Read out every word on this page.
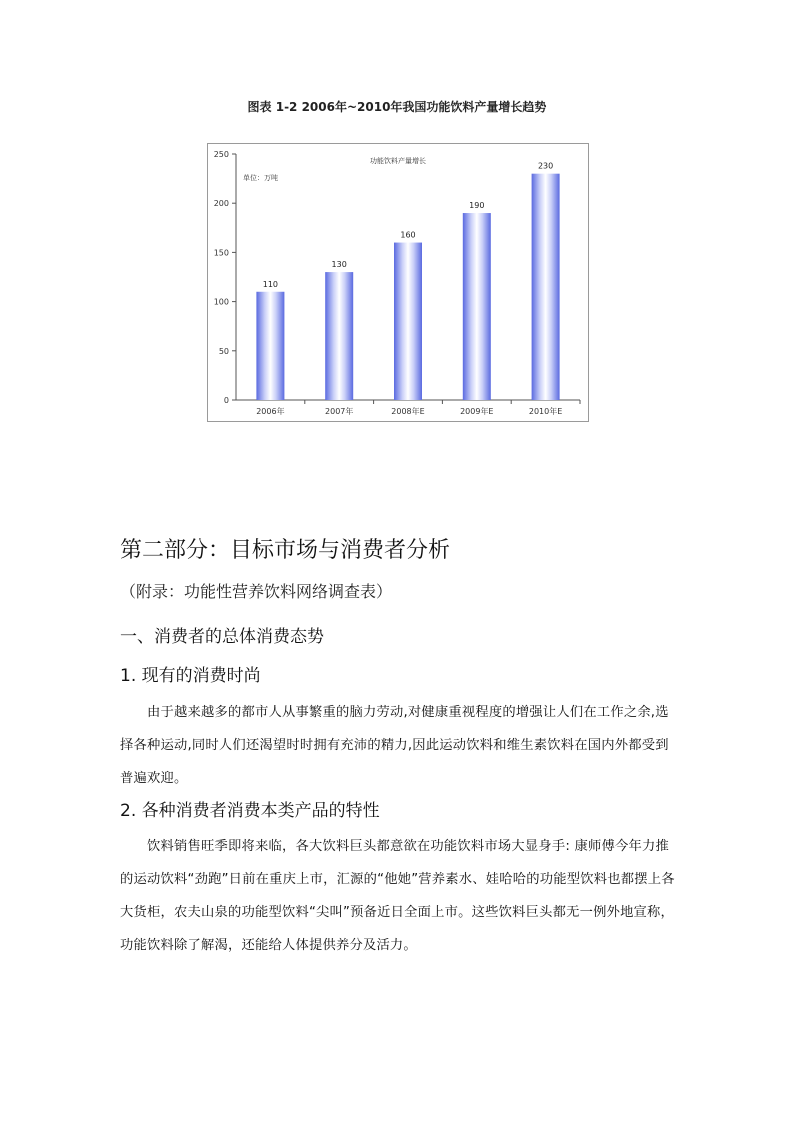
图表 1-2 2006年~2010年我国功能饮料产量增长趋势
功能饮料产量增长
单位：万吨
0
50
100
150
200
250
110
2006年
130
2007年
160
2008年E
190
2009年E
230
2010年E
第二部分：目标市场与消费者分析
（附录：功能性营养饮料网络调查表）
一、消费者的总体消费态势
1. 现有的消费时尚
由于越来越多的都市人从事繁重的脑力劳动,对健康重视程度的增强让人们在工作之余,选择各种运动,同时人们还渴望时时拥有充沛的精力,因此运动饮料和维生素饮料在国内外都受到普遍欢迎。
2. 各种消费者消费本类产品的特性
饮料销售旺季即将来临，各大饮料巨头都意欲在功能饮料市场大显身手: 康师傅今年力推的运动饮料“劲跑”日前在重庆上市，汇源的“他她”营养素水、娃哈哈的功能型饮料也都摆上各大货柜，农夫山泉的功能型饮料“尖叫”预备近日全面上市。这些饮料巨头都无一例外地宣称，功能饮料除了解渴，还能给人体提供养分及活力。
